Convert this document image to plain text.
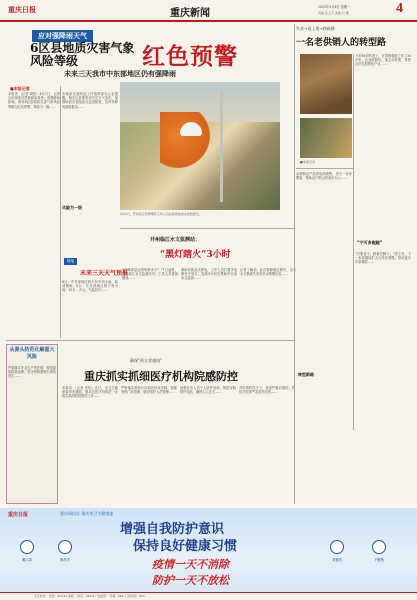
重庆日报	重庆新闻
2022年4月8日 星期一
责编 张五芳 美编 付 鹏	4
应对强降雨天气
6区县地质灾害气象风险等级	红色预警
未来三天我市中东部地区仍有强降雨
■本报记者
本报讯 （记者 周松）4月7日，记者从市规划自然资源局获悉，受强降雨影响，我市6区县地质灾害气象风险等级为红色预警，风险为一级……
市地质灾害防治工作指挥部办公室提醒，相关区县要密切关注天气变化，加强地质灾害隐患点巡查排查，及时转移受威胁群众……
风险为一级
4月7日，开州区应急管理局工作人员在排查地质灾害隐患点。
链接
未来三天天气预报
8日：中东部地区阴天有中到大雨，局部暴雨；9日：东北部地区阴天有小雨；10日：多云，气温回升……
开州临江水文监测站：
“黑灯瞎火”3小时
“洪峰流量达到每秒多少？”7日凌晨，开州临江水文监测站内，工作人员冒雨测流……
暴雨导致站点停电，工作人员打着手电筒坚守岗位，连续3小时在黑暗中完成水文监测……
记者了解到，此次强降雨过程中，全市水文系统共发布洪水预警信息……
失业→再上岗→挣新路
一名老供销人的转型路
■本报记者
今年56岁的老王，在供销系统工作了30多年。企业改制后，他主动转型，带领社员发展特色产业……
从收购农产品到电商销售，老王一步步摸索，帮助农户把山货卖出大山……
“宁可多跑腿”
“只要肯干，路就在脚下。”老王说，下一步将继续扩大合作社规模，带动更多乡亲增收……
转型新路
从源头防范化解重大风险
严格落实安全生产责任制，强化隐患排查治理，坚决遏制重特大事故发生……
确保“药方零感染”
重庆抓实抓细医疗机构院感防控
本报讯 （记者 李珩）近日，市卫生健康委印发通知，要求各医疗机构进一步抓实抓细院感防控工作……
严格落实预检分诊和首诊负责制，加强发热门诊管理，做好陪护人员管理……
加强医务人员个人防护培训，规范穿脱防护用品，确保人人过关……
对院感防控不力、造成严重后果的，将依法依规严肃追责问责……
重庆日报	重庆网信办 重庆市卫生健康委
增强自我防护意识
保持良好健康习惯
疫情一天不消除
防护一天不放松
戴口罩	勤洗手	常通风	不聚集
文字核对： 电话：023-67 排版： 电话：023-6 广告经营： 传真：023- 订阅电话：023-
